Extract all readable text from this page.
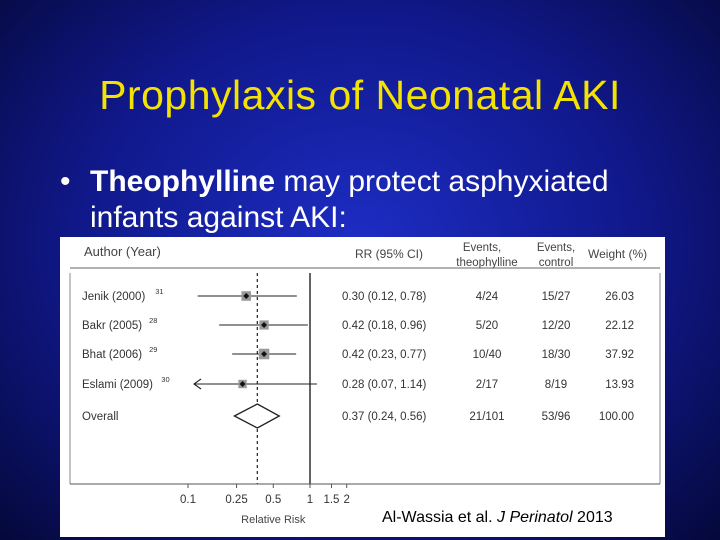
Prophylaxis of Neonatal AKI
• Theophylline may protect asphyxiated infants against AKI:
Author (Year)	RR (95% CI)	Events,
theophylline
Events,
control
Weight (%)
Jenik (2000) 31	0.30 (0.12, 0.78)	4/24	15/27	26.03
Bakr (2005) 28	0.42 (0.18, 0.96)	5/20	12/20	22.12
Bhat (2006) 29	0.42 (0.23, 0.77)	10/40	18/30	37.92
Eslami (2009) 30	0.28 (0.07, 1.14)	2/17	8/19	13.93
Overall	0.37 (0.24, 0.56)	21/101	53/96 100.00
0.1	0.25 0.5 1 1.5 2
Relative Risk	Al-Wassia et al. J Perinatol 2013
